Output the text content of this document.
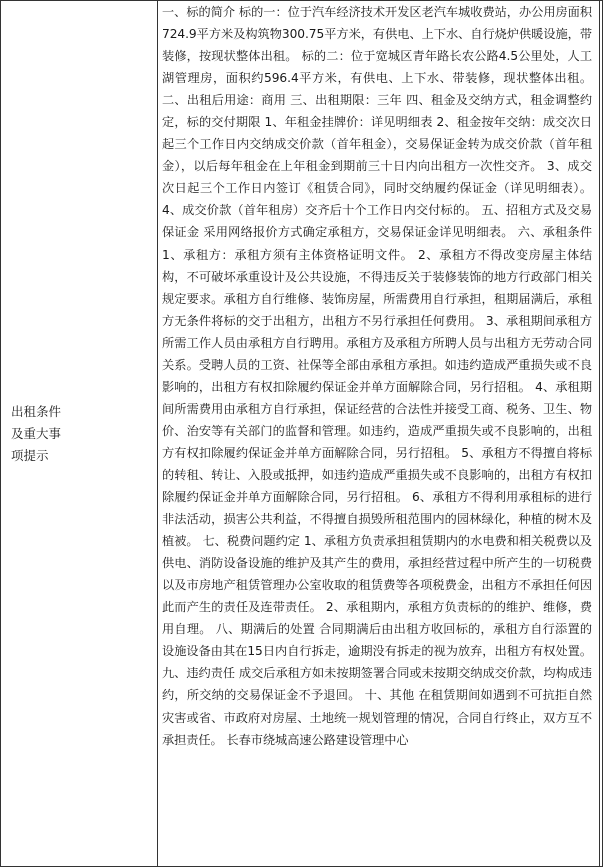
出租条件及重大事项提示

一、标的简介 标的一：位于汽车经济技术开发区老汽车城收费站，办公用房面积724.9平方米及构筑物300.75平方米，有供电、上下水、自行烧炉供暖设施，带装修，按现状整体出租。 标的二：位于宽城区青年路长农公路4.5公里处，人工湖管理房，面积约596.4平方米，有供电、上下水、带装修，现状整体出租。 二、出租后用途：商用 三、出租期限：三年 四、租金及交纳方式，租金调整约定，标的交付期限 1、年租金挂牌价：详见明细表 2、租金按年交纳：成交次日起三个工作日内交纳成交价款（首年租金），交易保证金转为成交价款（首年租金），以后每年租金在上年租金到期前三十日内向出租方一次性交齐。 3、成交次日起三个工作日内签订《租赁合同》，同时交纳履约保证金（详见明细表）。 4、成交价款（首年租房）交齐后十个工作日内交付标的。 五、招租方式及交易保证金 采用网络报价方式确定承租方，交易保证金详见明细表。 六、承租条件 1、承租方：承租方须有主体资格证明文件。 2、承租方不得改变房屋主体结构，不可破坏承重设计及公共设施，不得违反关于装修装饰的地方行政部门相关规定要求。承租方自行维修、装饰房屋，所需费用自行承担，租期届满后，承租方无条件将标的交于出租方，出租方不另行承担任何费用。 3、承租期间承租方所需工作人员由承租方自行聘用。承租方及承租方所聘人员与出租方无劳动合同关系。受聘人员的工资、社保等全部由承租方承担。如违约造成严重损失或不良影响的，出租方有权扣除履约保证金并单方面解除合同，另行招租。 4、承租期间所需费用由承租方自行承担，保证经营的合法性并接受工商、税务、卫生、物价、治安等有关部门的监督和管理。如违约，造成严重损失或不良影响的，出租方有权扣除履约保证金并单方面解除合同，另行招租。 5、承租方不得擅自将标的转租、转让、入股或抵押，如违约造成严重损失或不良影响的，出租方有权扣除履约保证金并单方面解除合同，另行招租。 6、承租方不得利用承租标的进行非法活动，损害公共利益，不得擅自损毁所租范围内的园林绿化，种植的树木及植被。 七、税费问题约定 1、承租方负责承担租赁期内的水电费和相关税费以及供电、消防设备设施的维护及其产生的费用，承担经营过程中所产生的一切税费以及市房地产租赁管理办公室收取的租赁费等各项税费金，出租方不承担任何因此而产生的责任及连带责任。 2、承租期内，承租方负责标的的维护、维修，费用自理。 八、期满后的处置 合同期满后由出租方收回标的，承租方自行添置的设施设备由其在15日内自行拆走，逾期没有拆走的视为放弃，出租方有权处置。 九、违约责任 成交后承租方如未按期签署合同或未按期交纳成交价款，均构成违约，所交纳的交易保证金不予退回。 十、其他 在租赁期间如遇到不可抗拒自然灾害或省、市政府对房屋、土地统一规划管理的情况，合同自行终止，双方互不承担责任。 长春市绕城高速公路建设管理中心
